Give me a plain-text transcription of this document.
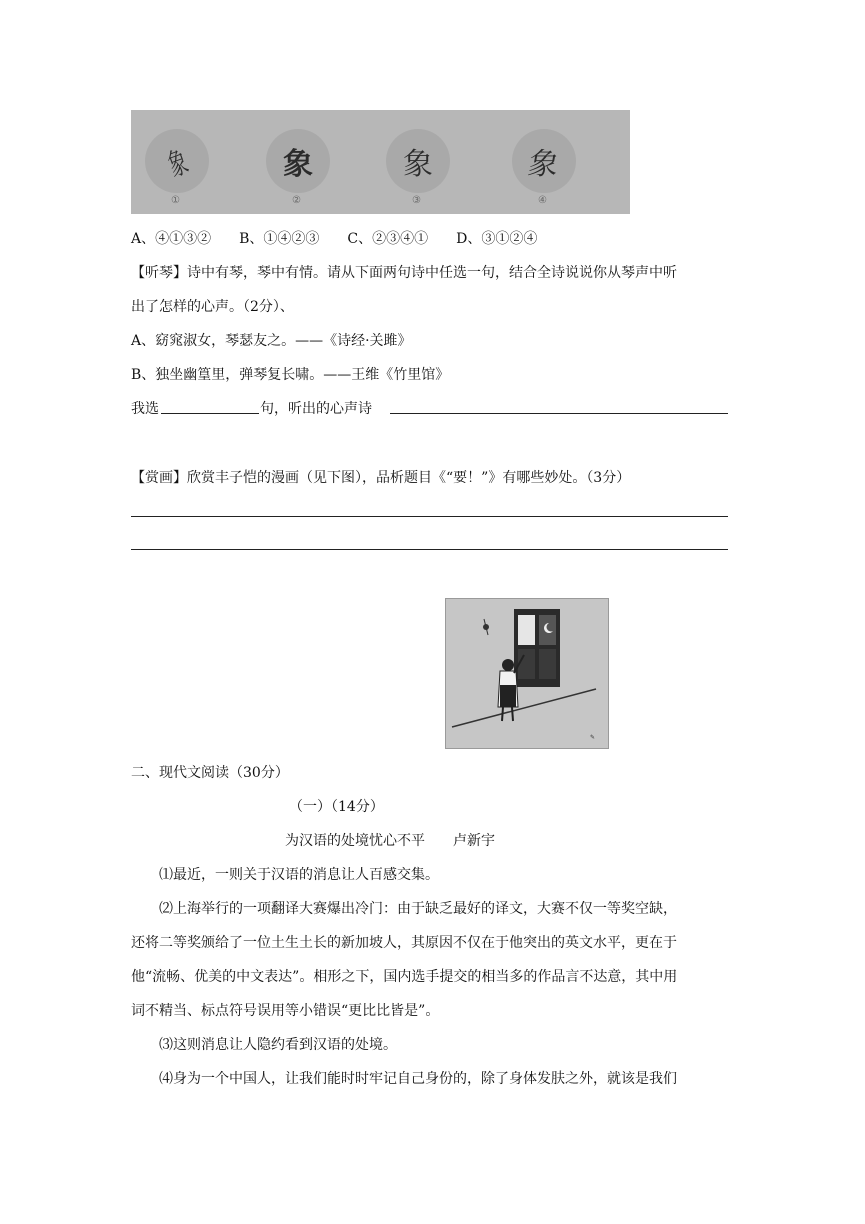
象
①
象
②
象
③
象
④
A、④①③②　　B、①④②③　　C、②③④①　　D、③①②④
【听琴】诗中有琴，琴中有情。请从下面两句诗中任选一句，结合全诗说说你从琴声中听
出了怎样的心声。（2分）、
A、窈窕淑女，琴瑟友之。——《诗经·关雎》
B、独坐幽篁里，弹琴复长啸。——王维《竹里馆》
我选	句，听出的心声诗
【赏画】欣赏丰子恺的漫画（见下图），品析题目《“要！”》有哪些妙处。（3分）
✎
二、现代文阅读（30分）
（一）（14分）
为汉语的处境忧心不平　　卢新宇
⑴最近，一则关于汉语的消息让人百感交集。
⑵上海举行的一项翻译大赛爆出冷门：由于缺乏最好的译文，大赛不仅一等奖空缺，
还将二等奖颁给了一位土生土长的新加坡人，其原因不仅在于他突出的英文水平，更在于
他“流畅、优美的中文表达”。相形之下，国内选手提交的相当多的作品言不达意，其中用
词不精当、标点符号误用等小错误“更比比皆是”。
⑶这则消息让人隐约看到汉语的处境。
⑷身为一个中国人，让我们能时时牢记自己身份的，除了身体发肤之外，就该是我们
